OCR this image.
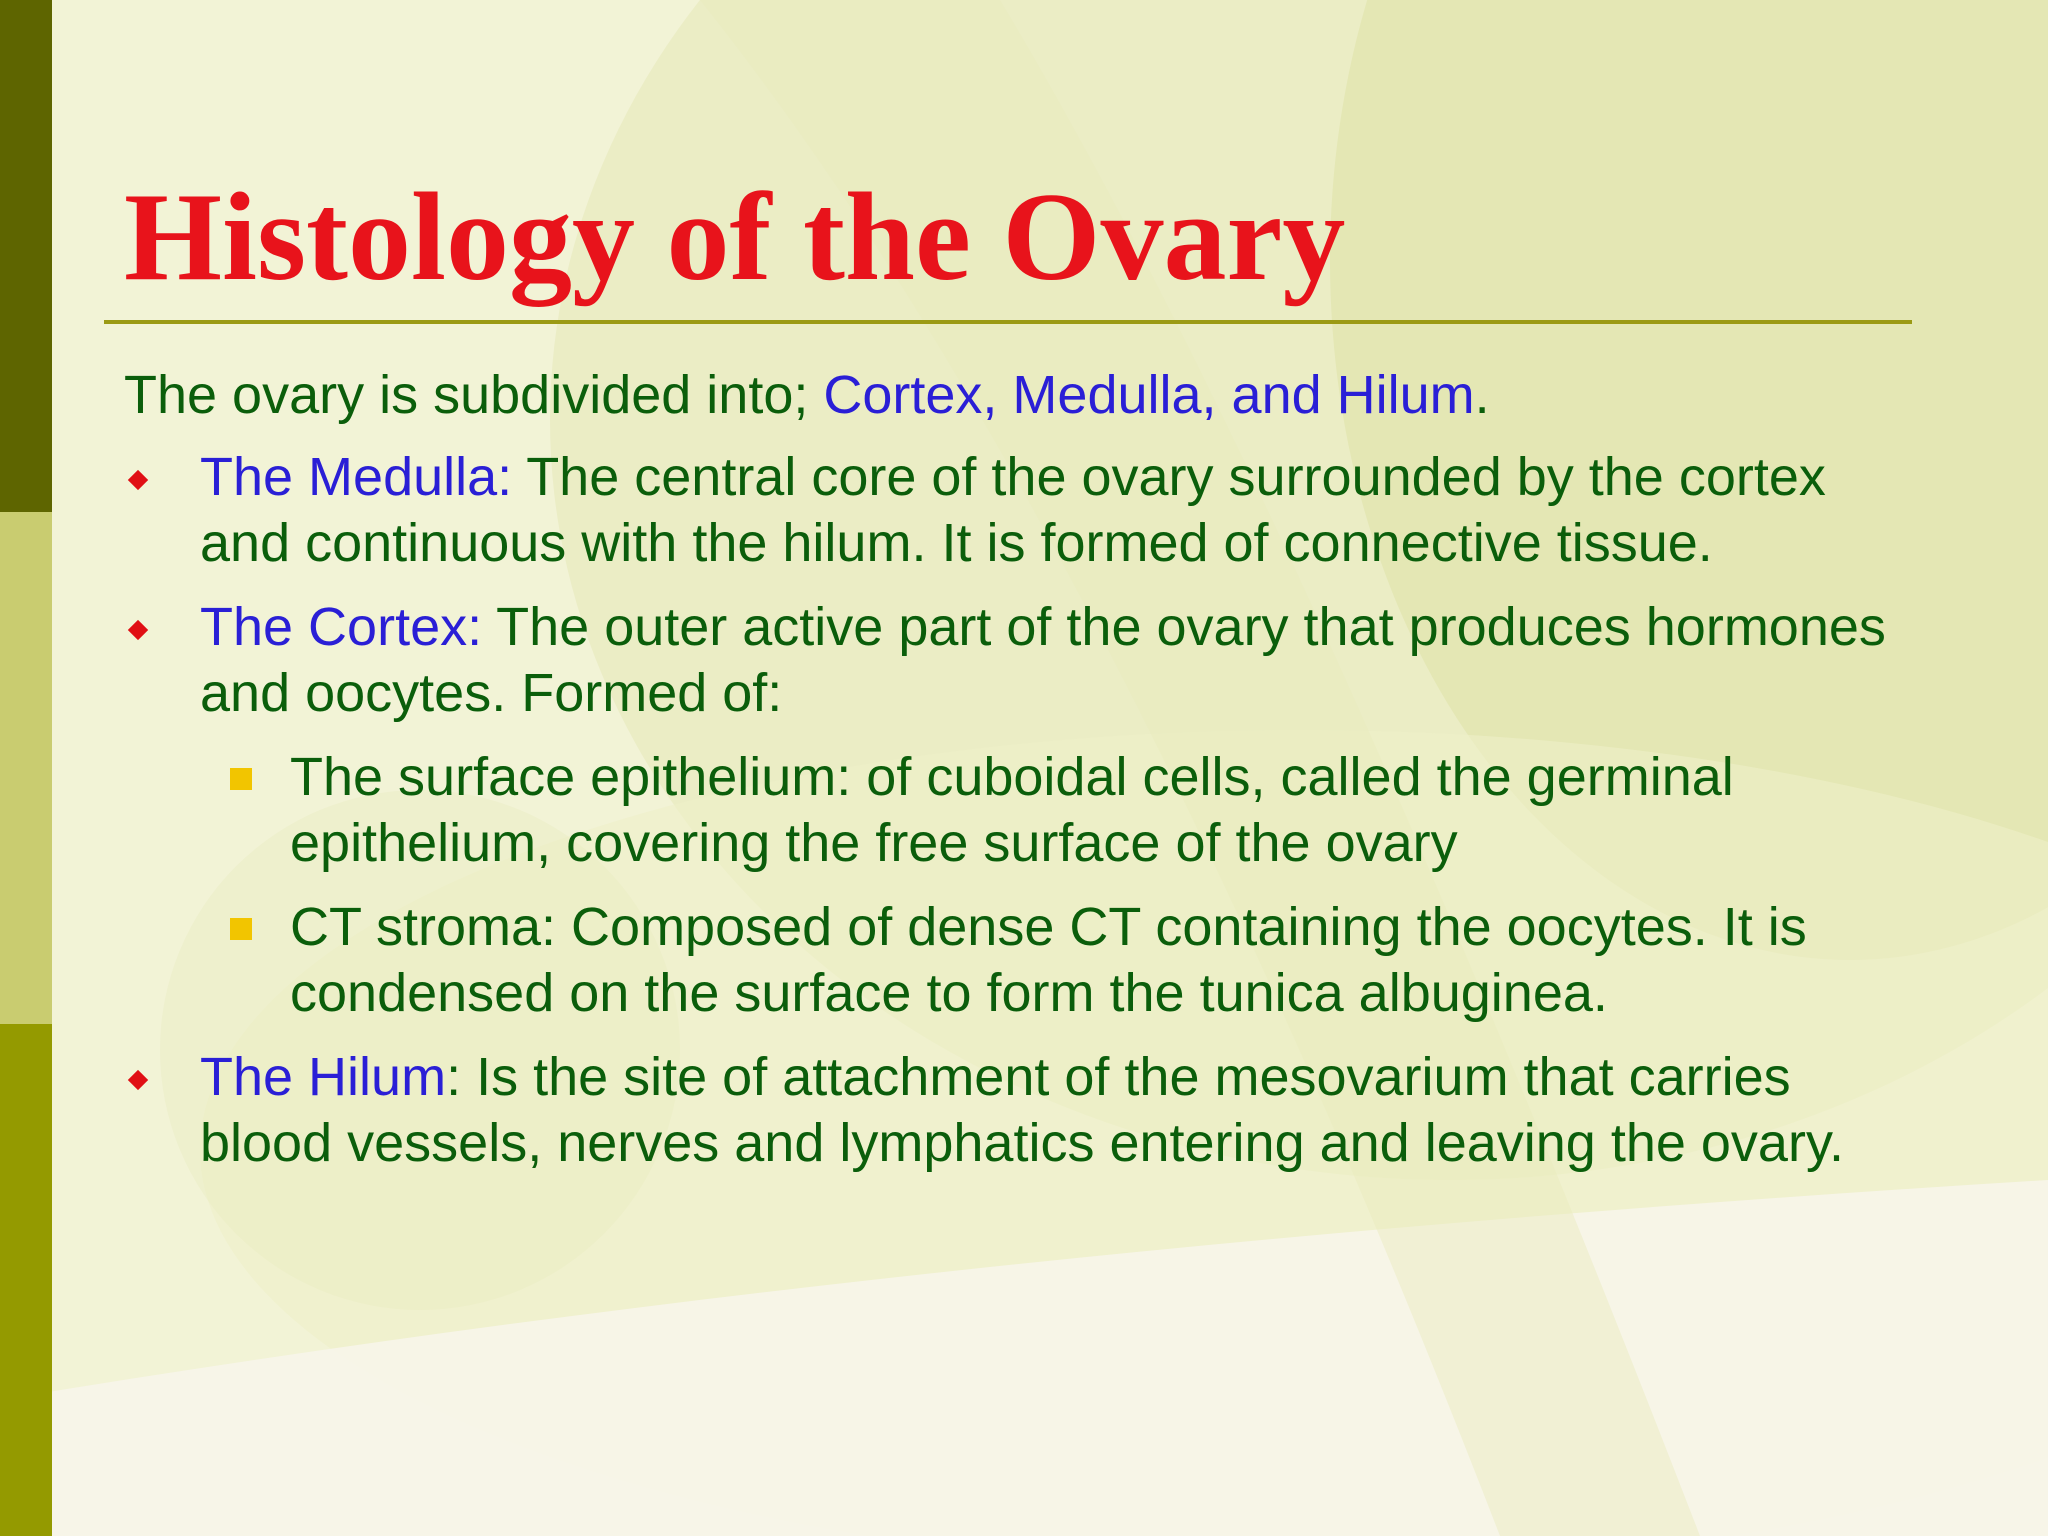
Histology of the Ovary

The ovary is subdivided into; Cortex, Medulla, and Hilum.

The Medulla: The central core of the ovary surrounded by the cortex and continuous with the hilum. It is formed of connective tissue.
The Cortex: The outer active part of the ovary that produces hormones and oocytes. Formed of:
The surface epithelium: of cuboidal cells, called the germinal epithelium, covering the free surface of the ovary
CT stroma: Composed of dense CT containing the oocytes. It is condensed on the surface to form the tunica albuginea.
The Hilum: Is the site of attachment of the mesovarium that carries blood vessels, nerves and lymphatics entering and leaving the ovary.
